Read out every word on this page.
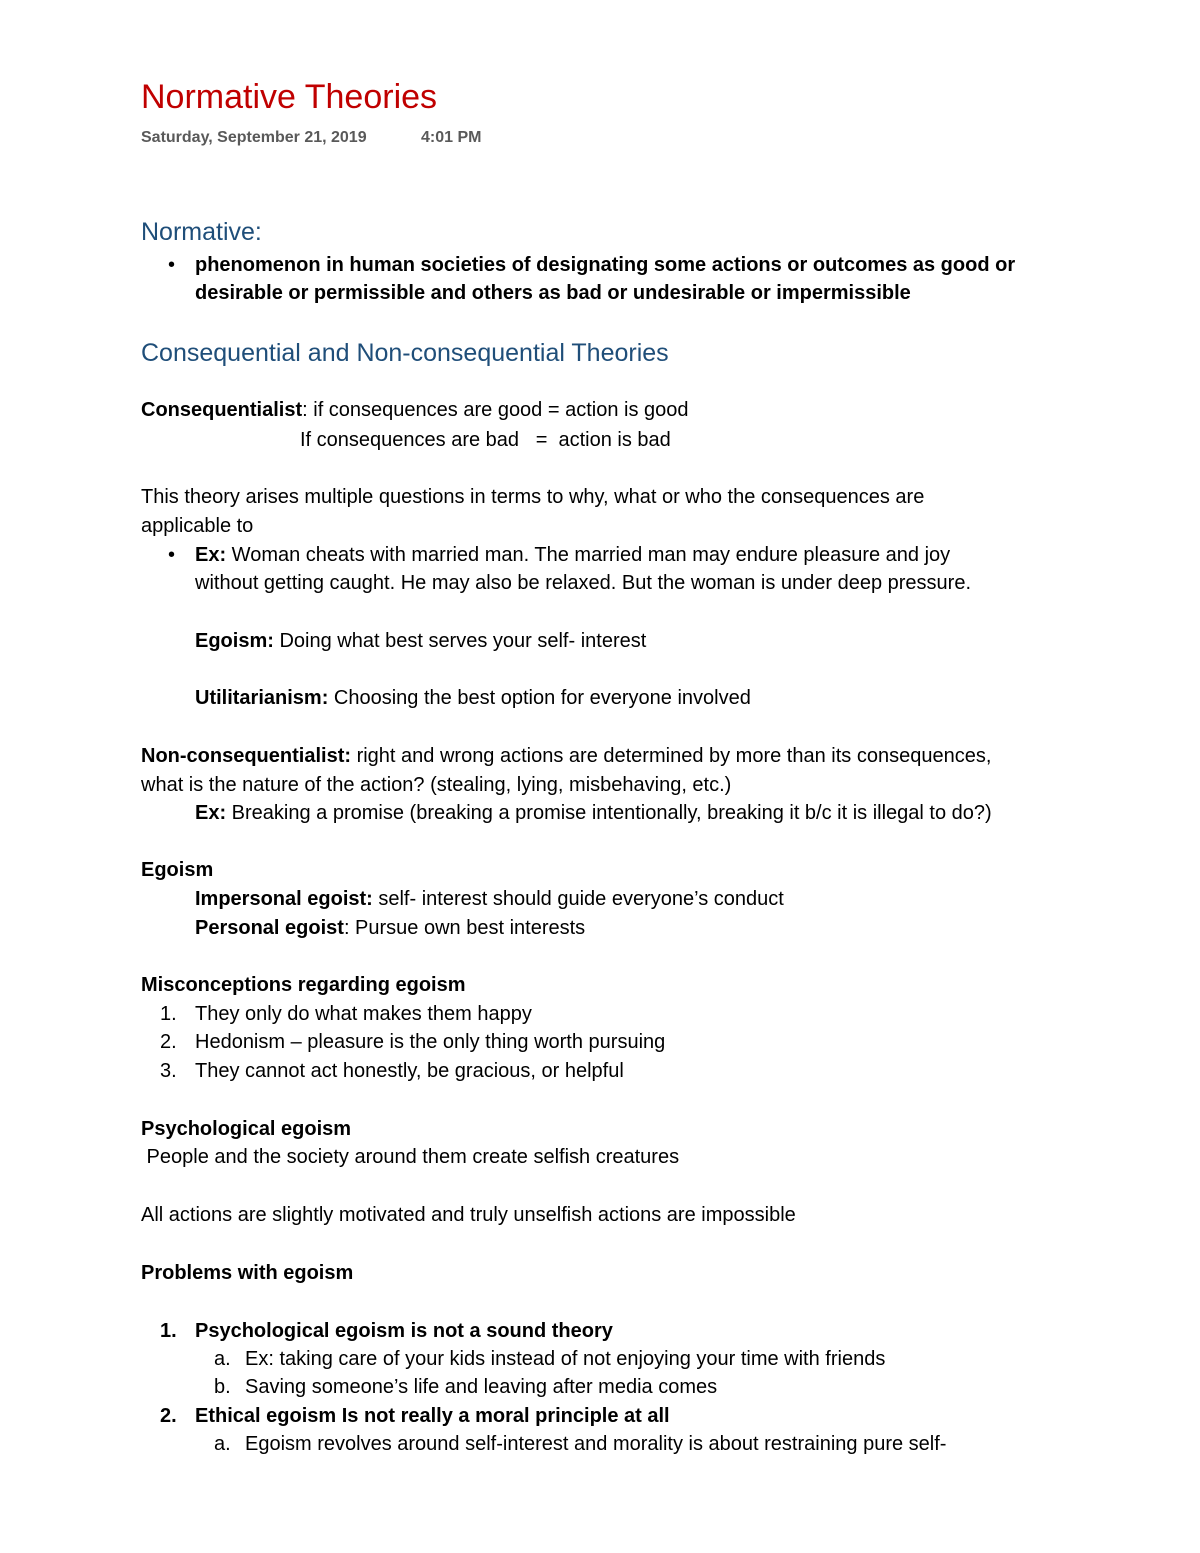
Normative Theories
Saturday, September 21, 2019	4:01 PM
Normative:
• phenomenon in human societies of designating some actions or outcomes as good or
desirable or permissible and others as bad or undesirable or impermissible
Consequential and Non-consequential Theories
Consequentialist: if consequences are good = action is good
If consequences are bad   =  action is bad
This theory arises multiple questions in terms to why, what or who the consequences are
applicable to
• Ex: Woman cheats with married man. The married man may endure pleasure and joy
without getting caught. He may also be relaxed. But the woman is under deep pressure.
Egoism: Doing what best serves your self- interest
Utilitarianism: Choosing the best option for everyone involved
Non-consequentialist: right and wrong actions are determined by more than its consequences,
what is the nature of the action? (stealing, lying, misbehaving, etc.)
Ex: Breaking a promise (breaking a promise intentionally, breaking it b/c it is illegal to do?)
Egoism
Impersonal egoist: self- interest should guide everyone’s conduct
Personal egoist: Pursue own best interests
Misconceptions regarding egoism
1. They only do what makes them happy
2. Hedonism – pleasure is the only thing worth pursuing
3. They cannot act honestly, be gracious, or helpful
Psychological egoism
People and the society around them create selfish creatures
All actions are slightly motivated and truly unselfish actions are impossible
Problems with egoism
1. Psychological egoism is not a sound theory
a. Ex: taking care of your kids instead of not enjoying your time with friends
b. Saving someone’s life and leaving after media comes
2. Ethical egoism Is not really a moral principle at all
a. Egoism revolves around self-interest and morality is about restraining pure self-
